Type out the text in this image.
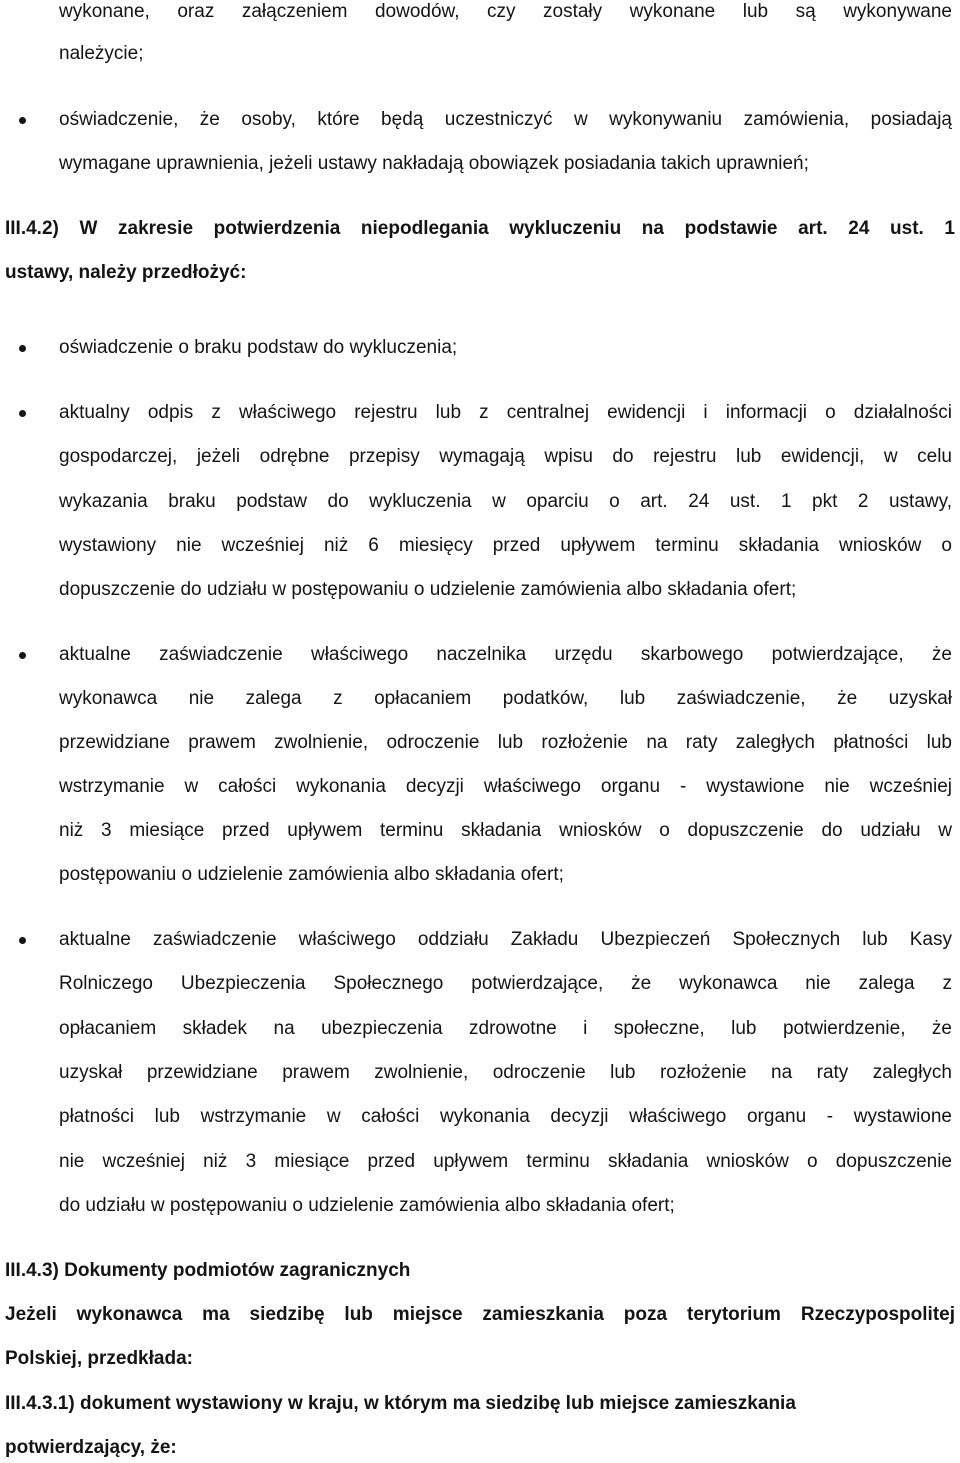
wykonane, oraz załączeniem dowodów, czy zostały wykonane lub są wykonywane
należycie;
oświadczenie, że osoby, które będą uczestniczyć w wykonywaniu zamówienia, posiadają
wymagane uprawnienia, jeżeli ustawy nakładają obowiązek posiadania takich uprawnień;
III.4.2) W zakresie potwierdzenia niepodlegania wykluczeniu na podstawie art. 24 ust. 1
ustawy, należy przedłożyć:
oświadczenie o braku podstaw do wykluczenia;
aktualny odpis z właściwego rejestru lub z centralnej ewidencji i informacji o działalności
gospodarczej, jeżeli odrębne przepisy wymagają wpisu do rejestru lub ewidencji, w celu
wykazania braku podstaw do wykluczenia w oparciu o art. 24 ust. 1 pkt 2 ustawy,
wystawiony nie wcześniej niż 6 miesięcy przed upływem terminu składania wniosków o
dopuszczenie do udziału w postępowaniu o udzielenie zamówienia albo składania ofert;
aktualne zaświadczenie właściwego naczelnika urzędu skarbowego potwierdzające, że
wykonawca nie zalega z opłacaniem podatków, lub zaświadczenie, że uzyskał
przewidziane prawem zwolnienie, odroczenie lub rozłożenie na raty zaległych płatności lub
wstrzymanie w całości wykonania decyzji właściwego organu - wystawione nie wcześniej
niż 3 miesiące przed upływem terminu składania wniosków o dopuszczenie do udziału w
postępowaniu o udzielenie zamówienia albo składania ofert;
aktualne zaświadczenie właściwego oddziału Zakładu Ubezpieczeń Społecznych lub Kasy
Rolniczego Ubezpieczenia Społecznego potwierdzające, że wykonawca nie zalega z
opłacaniem składek na ubezpieczenia zdrowotne i społeczne, lub potwierdzenie, że
uzyskał przewidziane prawem zwolnienie, odroczenie lub rozłożenie na raty zaległych
płatności lub wstrzymanie w całości wykonania decyzji właściwego organu - wystawione
nie wcześniej niż 3 miesiące przed upływem terminu składania wniosków o dopuszczenie
do udziału w postępowaniu o udzielenie zamówienia albo składania ofert;
III.4.3) Dokumenty podmiotów zagranicznych
Jeżeli wykonawca ma siedzibę lub miejsce zamieszkania poza terytorium Rzeczypospolitej
Polskiej, przedkłada:
III.4.3.1) dokument wystawiony w kraju, w którym ma siedzibę lub miejsce zamieszkania
potwierdzający, że:
